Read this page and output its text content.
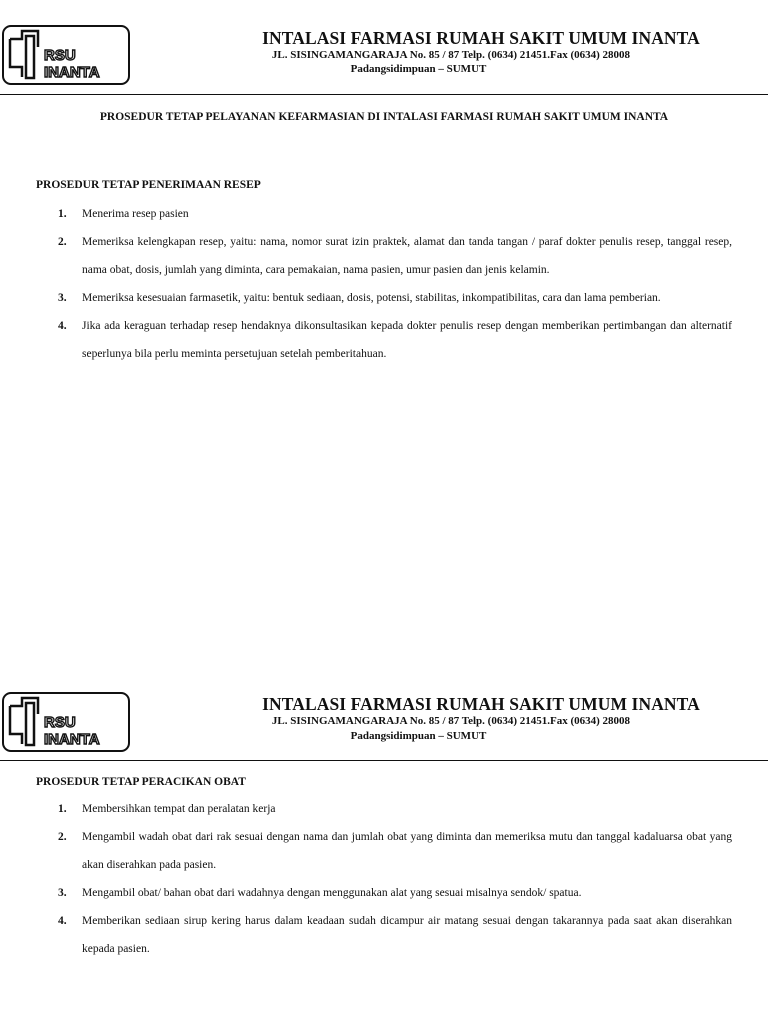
RSU
INANTA
INTALASI FARMASI RUMAH SAKIT UMUM INANTA
JL. SISINGAMANGARAJA No. 85 / 87 Telp. (0634) 21451.Fax (0634) 28008
Padangsidimpuan – SUMUT
PROSEDUR TETAP PELAYANAN KEFARMASIAN DI INTALASI FARMASI RUMAH SAKIT UMUM INANTA
PROSEDUR TETAP PENERIMAAN RESEP
1. Menerima resep pasien
2. Memeriksa kelengkapan resep, yaitu: nama, nomor surat izin praktek, alamat dan tanda tangan / paraf dokter penulis resep, tanggal resep, nama obat, dosis, jumlah yang diminta, cara pemakaian, nama pasien, umur pasien dan jenis kelamin.
3. Memeriksa kesesuaian farmasetik, yaitu: bentuk sediaan, dosis, potensi, stabilitas, inkompatibilitas, cara dan lama pemberian.
4. Jika ada keraguan terhadap resep hendaknya dikonsultasikan kepada dokter penulis resep dengan memberikan pertimbangan dan alternatif seperlunya bila perlu meminta persetujuan setelah pemberitahuan.
RSU
INANTA
INTALASI FARMASI RUMAH SAKIT UMUM INANTA
JL. SISINGAMANGARAJA No. 85 / 87 Telp. (0634) 21451.Fax (0634) 28008
Padangsidimpuan – SUMUT
PROSEDUR TETAP PERACIKAN OBAT
1. Membersihkan tempat dan peralatan kerja
2. Mengambil wadah obat dari rak sesuai dengan nama dan jumlah obat yang diminta dan memeriksa mutu dan tanggal kadaluarsa obat yang akan diserahkan pada pasien.
3. Mengambil obat/ bahan obat dari wadahnya dengan menggunakan alat yang sesuai misalnya sendok/ spatua.
4. Memberikan sediaan sirup kering harus dalam keadaan sudah dicampur air matang sesuai dengan takarannya pada saat akan diserahkan kepada pasien.
